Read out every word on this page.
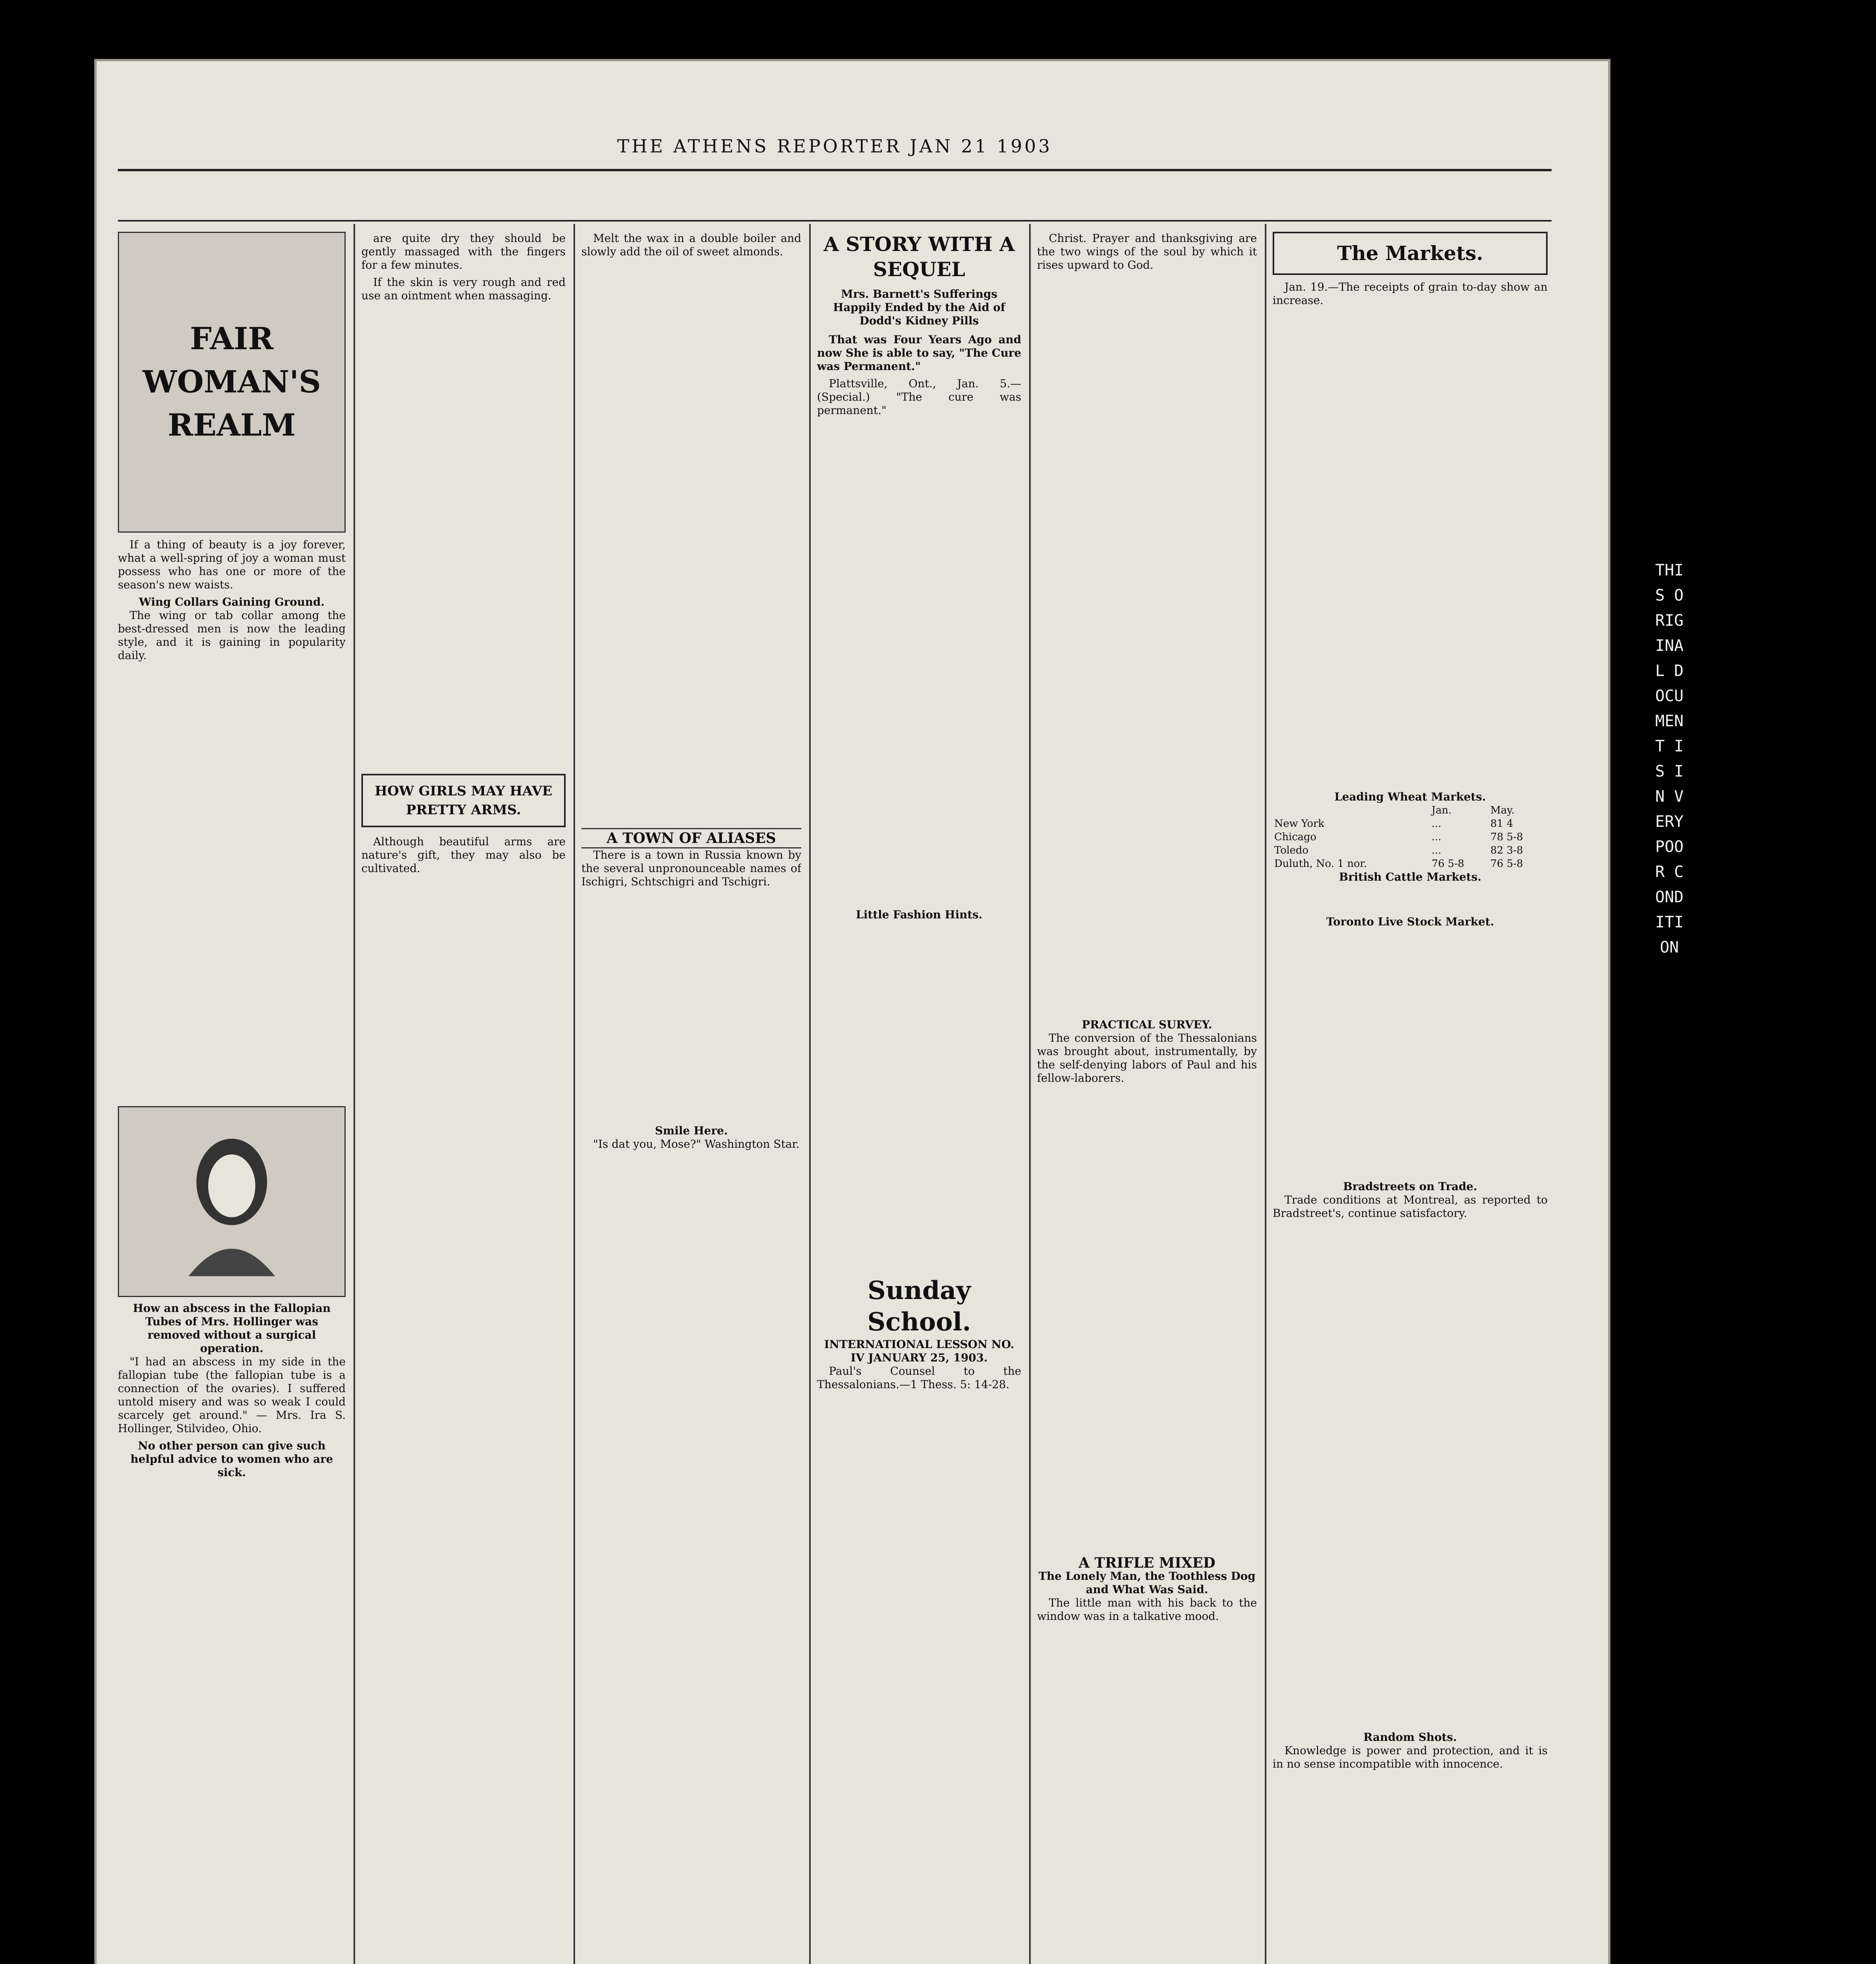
THE ATHENS REPORTER JAN 21 1903
FAIR WOMAN'S REALM

If a thing of beauty is a joy forever, what a well-spring of joy a woman must possess who has one or more of the season's new waists.

Wing Collars Gaining Ground.

The wing or tab collar among the best-dressed men is now the leading style, and it is gaining in popularity daily.

How an abscess in the Fallopian Tubes of Mrs. Hollinger was removed without a surgical operation.

"I had an abscess in my side in the fallopian tube (the fallopian tube is a connection of the ovaries). I suffered untold misery and was so weak I could scarcely get around." — Mrs. Ira S. Hollinger, Stilvideo, Ohio.

No other person can give such helpful advice to women who are sick.

are quite dry they should be gently massaged with the fingers for a few minutes.

If the skin is very rough and red use an ointment when massaging.

HOW GIRLS MAY HAVE PRETTY ARMS.

Although beautiful arms are nature's gift, they may also be cultivated.

Melt the wax in a double boiler and slowly add the oil of sweet almonds.

A TOWN OF ALIASES

There is a town in Russia known by the several unpronounceable names of Ischigri, Schtschigri and Tschigri.

Smile Here.

"Is dat you, Mose?" Washington Star.

A STORY WITH A SEQUEL
Mrs. Barnett's Sufferings Happily Ended by the Aid of Dodd's Kidney Pills

That was Four Years Ago and now She is able to say, "The Cure was Permanent."

Plattsville, Ont., Jan. 5.—(Special.) "The cure was permanent."

Little Fashion Hints.
Sunday School.
INTERNATIONAL LESSON NO. IV JANUARY 25, 1903.

Paul's Counsel to the Thessalonians.—1 Thess. 5: 14-28.

Christ. Prayer and thanksgiving are the two wings of the soul by which it rises upward to God.

PRACTICAL SURVEY.

The conversion of the Thessalonians was brought about, instrumentally, by the self-denying labors of Paul and his fellow-laborers.

A TRIFLE MIXED
The Lonely Man, the Toothless Dog and What Was Said.

The little man with his back to the window was in a talkative mood.

The Markets.

Jan. 19.—The receipts of grain to-day show an increase.

Leading Wheat Markets.
	Jan.	May.
New York	...	81 4
Chicago	...	78 5-8
Toledo	...	82 3-8
Duluth, No. 1 nor.	76 5-8	76 5-8
British Cattle Markets.
Toronto Live Stock Market.
Bradstreets on Trade.

Trade conditions at Montreal, as reported to Bradstreet's, continue satisfactory.

Random Shots.

Knowledge is power and protection, and it is in no sense incompatible with innocence.

THIS ORIGINAL DOCUMENT IS IN VERY POOR CONDITION
